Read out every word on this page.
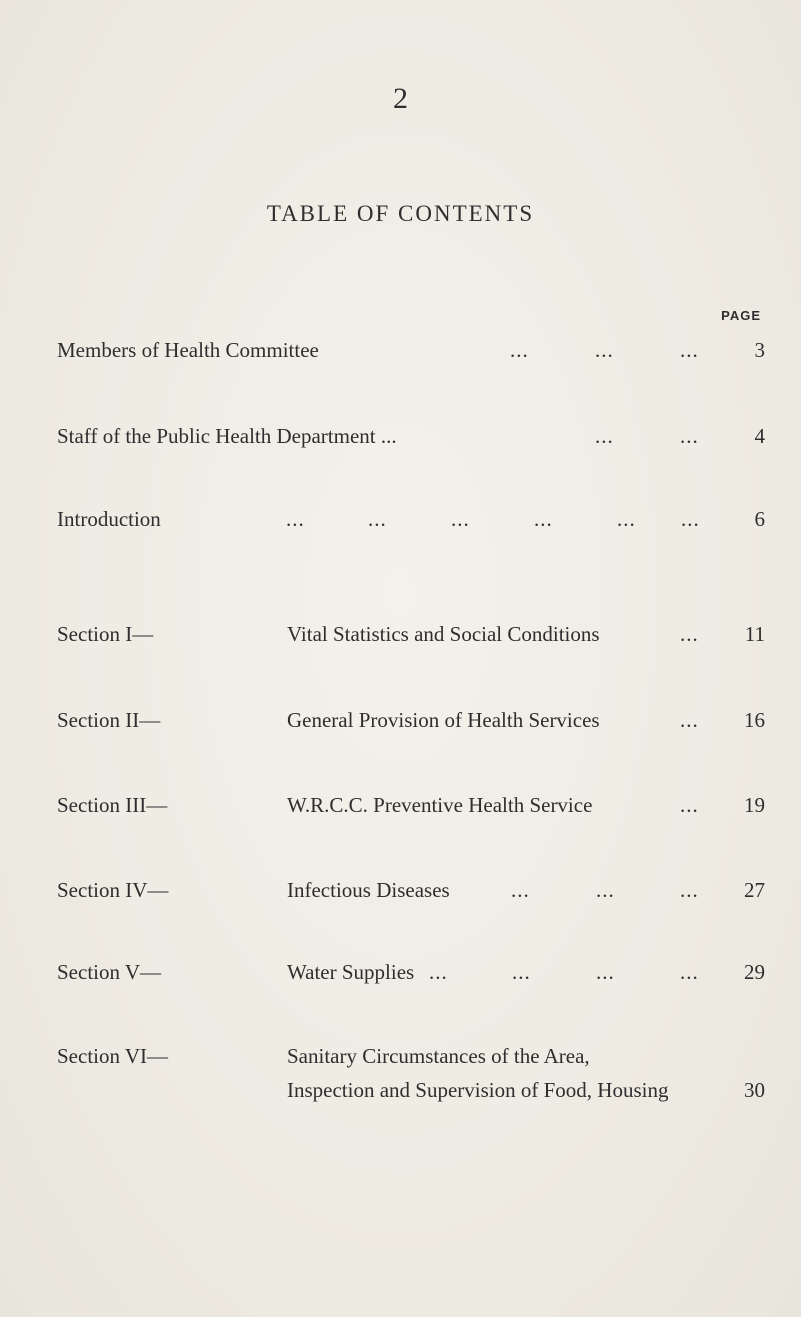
2
TABLE OF CONTENTS
PAGE
Members of Health Committee	...	...	...	3
Staff of the Public Health Department ...	...	...	4
Introduction	...	...	...	...	... ...	6
Section I—	Vital Statistics and Social Conditions	...	11
Section II—	General Provision of Health Services	...	16
Section III—	W.R.C.C. Preventive Health Service	...	19
Section IV—	Infectious Diseases	...	...	...	27
Section V—	Water Supplies ...	...	...	...	29
Section VI—	Sanitary Circumstances of the Area,
Inspection and Supervision of Food, Housing	30
